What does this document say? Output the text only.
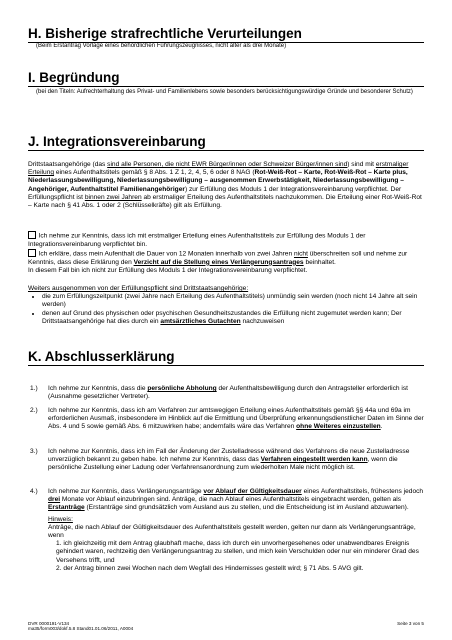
H. Bisherige strafrechtliche Verurteilungen
(Beim Erstantrag Vorlage eines behördlichen Führungszeugnisses, nicht älter als drei Monate)
I. Begründung
(bei den Titeln: Aufrechterhaltung des Privat- und Familienlebens sowie besonders berücksichtigungswürdige Gründe und besonderer Schutz)
J. Integrationsvereinbarung

Drittstaatsangehörige (das sind alle Personen, die nicht EWR Bürger/innen oder Schweizer Bürger/innen sind) sind mit erstmaliger Erteilung eines Aufenthaltstitels gemäß § 8 Abs. 1 Z 1, 2, 4, 5, 6 oder 8 NAG (Rot-Weiß-Rot – Karte, Rot-Weiß-Rot – Karte plus, Niederlassungsbewilligung, Niederlassungsbewilligung – ausgenommen Erwerbstätigkeit, Niederlassungsbewilligung – Angehöriger, Aufenthaltstitel Familienangehöriger) zur Erfüllung des Moduls 1 der Integrationsvereinbarung verpflichtet. Der Erfüllungspflicht ist binnen zwei Jahren ab erstmaliger Erteilung des Aufenthaltstitels nachzukommen. Die Erteilung einer Rot-Weiß-Rot – Karte nach § 41 Abs. 1 oder 2 (Schlüsselkräfte) gilt als Erfüllung.

Ich nehme zur Kenntnis, dass ich mit erstmaliger Erteilung eines Aufenthaltstitels zur Erfüllung des Moduls 1 der Integrationsvereinbarung verpflichtet bin.
Ich erkläre, dass mein Aufenthalt die Dauer von 12 Monaten innerhalb von zwei Jahren nicht überschreiten soll und nehme zur Kenntnis, dass diese Erklärung den Verzicht auf die Stellung eines Verlängerungsantrages beinhaltet.
In diesem Fall bin ich nicht zur Erfüllung des Moduls 1 der Integrationsvereinbarung verpflichtet.
Weiters ausgenommen von der Erfüllungspflicht sind Drittstaatsangehörige:
• die zum Erfüllungszeitpunkt (zwei Jahre nach Erteilung des Aufenthaltstitels) unmündig sein werden (noch nicht 14 Jahre alt sein werden)
• denen auf Grund des physischen oder psychischen Gesundheitszustandes die Erfüllung nicht zugemutet werden kann; Der Drittstaatsangehörige hat dies durch ein amtsärztliches Gutachten nachzuweisen
K. Abschlusserklärung
1.) Ich nehme zur Kenntnis, dass die persönliche Abholung der Aufenthaltsbewilligung durch den Antragsteller erforderlich ist (Ausnahme gesetzlicher Vertreter).
2.) Ich nehme zur Kenntnis, dass ich am Verfahren zur amtswegigen Erteilung eines Aufenthaltstitels gemäß §§ 44a und 69a im erforderlichen Ausmaß, insbesondere im Hinblick auf die Ermittlung und Überprüfung erkennungsdienstlicher Daten im Sinne der Abs. 4 und 5 sowie gemäß Abs. 6 mitzuwirken habe; andernfalls wäre das Verfahren ohne Weiteres einzustellen.
3.) Ich nehme zur Kenntnis, dass ich im Fall der Änderung der Zustelladresse während des Verfahrens die neue Zustelladresse unverzüglich bekannt zu geben habe. Ich nehme zur Kenntnis, dass das Verfahren eingestellt werden kann, wenn die persönliche Zustellung einer Ladung oder Verfahrensanordnung zum wiederholten Male nicht möglich ist.
4.) Ich nehme zur Kenntnis, dass Verlängerungsanträge vor Ablauf der Gültigkeitsdauer eines Aufenthaltstitels, frühestens jedoch drei Monate vor Ablauf einzubringen sind. Anträge, die nach Ablauf eines Aufenthaltstitels eingebracht werden, gelten als Erstanträge (Erstanträge sind grundsätzlich vom Ausland aus zu stellen, und die Entscheidung ist im Ausland abzuwarten).
Hinweis:
Anträge, die nach Ablauf der Gültigkeitsdauer des Aufenthaltstitels gestellt werden, gelten nur dann als Verlängerungsanträge, wenn
1. ich gleichzeitig mit dem Antrag glaubhaft mache, dass ich durch ein unvorhergesehenes oder unabwendbares Ereignis gehindert waren, rechtzeitig den Verlängerungsantrag zu stellen, und mich kein Verschulden oder nur ein minderer Grad des Versehens trifft, und
2. der Antrag binnen zwei Wochen nach dem Wegfall des Hindernisses gestellt wird; § 71 Abs. 5 AVG gilt.
DVR 0000191-V134
ma35/form003/dokf.5.8 Stand01.01.06/2011, A0004
Seite 3 von 5
